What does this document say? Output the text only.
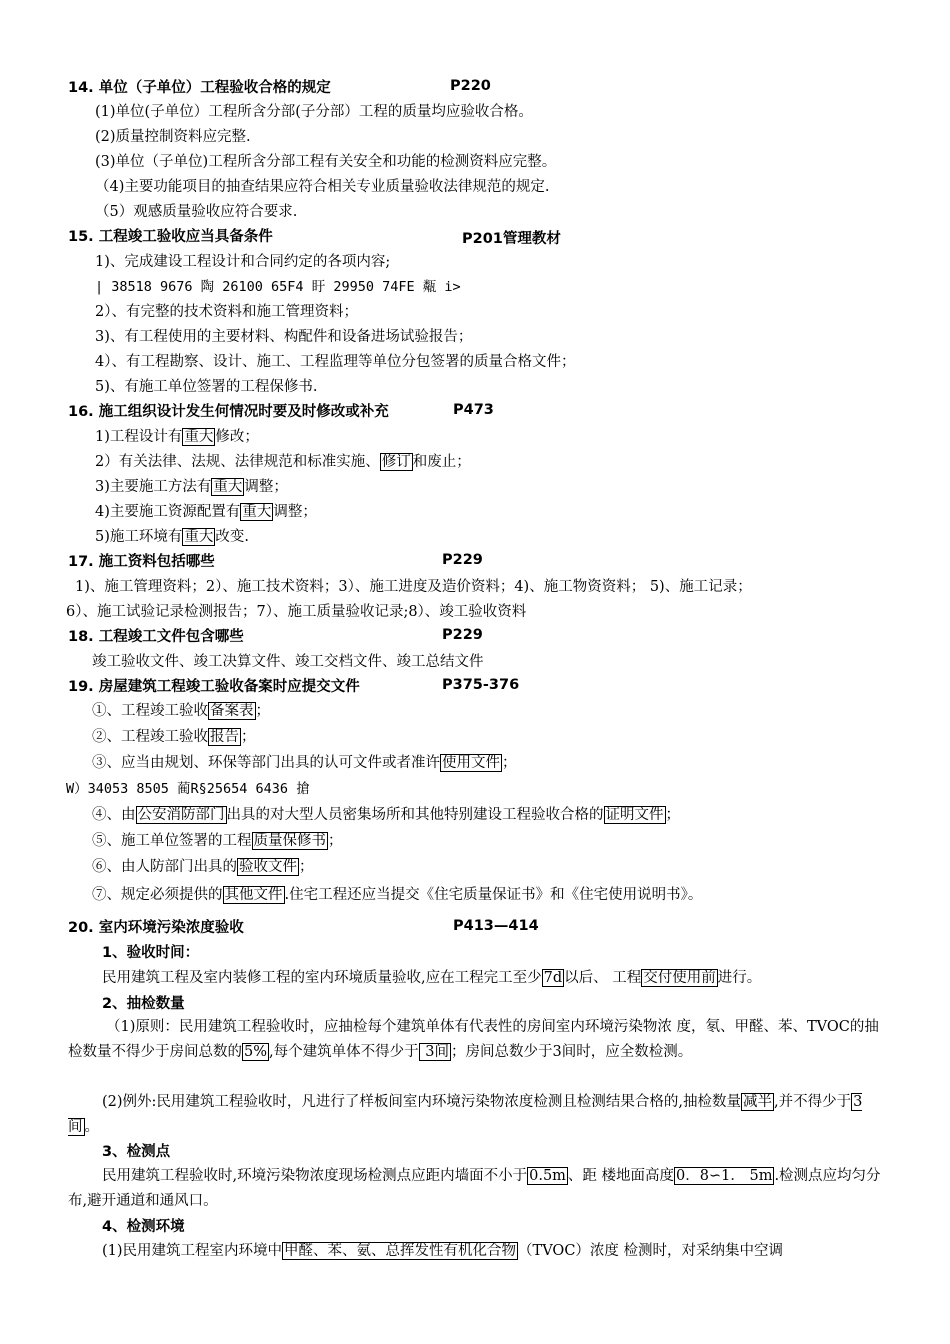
14. 单位（子单位）工程验收合格的规定	P220
(1)单位(子单位）工程所含分部(子分部）工程的质量均应验收合格。
(2)质量控制资料应完整.
(3)单位（子单位)工程所含分部工程有关安全和功能的检测资料应完整。
（4)主要功能项目的抽查结果应符合相关专业质量验收法律规范的规定.
（5）观感质量验收应符合要求.
15. 工程竣工验收应当具备条件	P201管理教材
1)、完成建设工程设计和合同约定的各项内容;
| 38518 9676 陶 26100 65F4 盱 29950 74FE 甐 i>
2）、有完整的技术资料和施工管理资料；
3)、有工程使用的主要材料、构配件和设备进场试验报告；
4）、有工程勘察、设计、施工、工程监理等单位分包签署的质量合格文件；
5)、有施工单位签署的工程保修书.
16. 施工组织设计发生何情况时要及时修改或补充	P473
1)工程设计有 重大 修改；
2）有关法律、法规、法律规范和标准实施、 修订 和废止；
3)主要施工方法有 重大 调整；
4)主要施工资源配置有 重大 调整；
5)施工环境有 重大 改变.
17. 施工资料包括哪些	P229
1)、施工管理资料；2）、施工技术资料；3）、施工进度及造价资料；4)、施工物资资料； 5)、施工记录；
6）、施工试验记录检测报告；7）、施工质量验收记录;8）、竣工验收资料
18. 工程竣工文件包含哪些	P229
竣工验收文件、竣工决算文件、竣工交档文件、竣工总结文件
19. 房屋建筑工程竣工验收备案时应提交文件	P375-376
①、工程竣工验收 备案表 ；
②、工程竣工验收 报告 ；
③、应当由规划、环保等部门出具的认可文件或者准许 使用文件 ；
W）34053 8505 蔺R§25654 6436 搶
④、由 公安消防部门 出具的对大型人员密集场所和其他特别建设工程验收合格的 证明文件 ；
⑤、施工单位签署的工程 质量保修书 ；
⑥、由人防部门出具的 验收文件 ；
⑦、规定必须提供的 其他文件 .住宅工程还应当提交《住宅质量保证书》和《住宅使用说明书》。
20. 室内环境污染浓度验收	P413—414
1、验收时间：
民用建筑工程及室内装修工程的室内环境质量验收,应在工程完工至少 7d 以后、 工程 交付使用前 进行。
2、抽检数量
（1)原则：民用建筑工程验收时，应抽检每个建筑单体有代表性的房间室内环境污染物浓 度，氡、甲醛、苯、TVOC的抽检数量不得少于房间总数的 5% ,每个建筑单体不得少于 3间 ；房间总数少于3间时，应全数检测。
(2)例外:民用建筑工程验收时，凡进行了样板间室内环境污染物浓度检测且检测结果合格的,抽检数量 减半 ,并不得少于 3间 。
3、检测点
民用建筑工程验收时,环境污染物浓度现场检测点应距内墙面不小于 0.5m 、距 楼地面高度 0．8∽1． 5m .检测点应均匀分布,避开通道和通风口。
4、检测环境
(1)民用建筑工程室内环境中 甲醛、苯、氨、总挥发性有机化合物 （TVOC）浓度 检测时，对采纳集中空调
